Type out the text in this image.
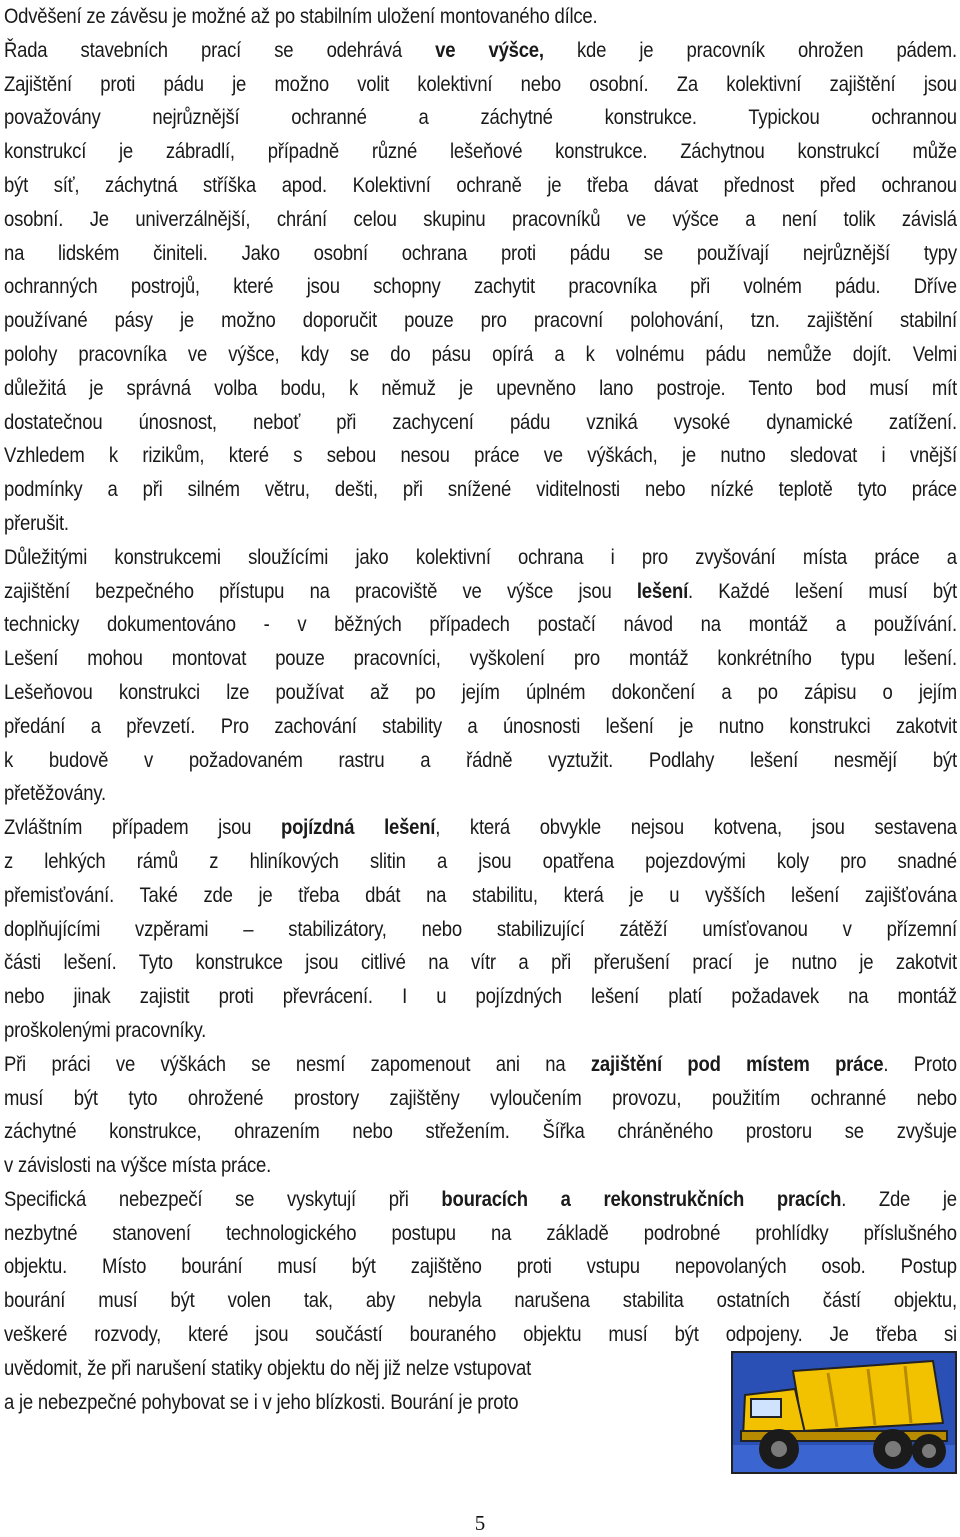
Odvěšení ze závěsu je možné až po stabilním uložení montovaného dílce.
Řada stavebních prací se odehrává ve výšce, kde je pracovník ohrožen pádem.
Zajištění proti pádu je možno volit kolektivní nebo osobní. Za kolektivní zajištění jsou
považovány nejrůznější ochranné a záchytné konstrukce. Typickou ochrannou
konstrukcí je zábradlí, případně různé lešeňové konstrukce. Záchytnou konstrukcí může
být síť, záchytná stříška apod. Kolektivní ochraně je třeba dávat přednost před ochranou
osobní. Je univerzálnější, chrání celou skupinu pracovníků ve výšce a není tolik závislá
na lidském činiteli. Jako osobní ochrana proti pádu se používají nejrůznější typy
ochranných postrojů, které jsou schopny zachytit pracovníka při volném pádu. Dříve
používané pásy je možno doporučit pouze pro pracovní polohování, tzn. zajištění stabilní
polohy pracovníka ve výšce, kdy se do pásu opírá a k volnému pádu nemůže dojít. Velmi
důležitá je správná volba bodu, k němuž je upevněno lano postroje. Tento bod musí mít
dostatečnou únosnost, neboť při zachycení pádu vzniká vysoké dynamické zatížení.
Vzhledem k rizikům, které s sebou nesou práce ve výškách, je nutno sledovat i vnější
podmínky a při silném větru, dešti, při snížené viditelnosti nebo nízké teplotě tyto práce
přerušit.
Důležitými konstrukcemi sloužícími jako kolektivní ochrana i pro zvyšování místa práce a
zajištění bezpečného přístupu na pracoviště ve výšce jsou lešení. Každé lešení musí být
technicky dokumentováno - v běžných případech postačí návod na montáž a používání.
Lešení mohou montovat pouze pracovníci, vyškolení pro montáž konkrétního typu lešení.
Lešeňovou konstrukci lze používat až po jejím úplném dokončení a po zápisu o jejím
předání a převzetí. Pro zachování stability a únosnosti lešení je nutno konstrukci zakotvit
k budově v požadovaném rastru a řádně vyztužit. Podlahy lešení nesmějí být
přetěžovány.
Zvláštním případem jsou pojízdná lešení, která obvykle nejsou kotvena, jsou sestavena
z lehkých rámů z hliníkových slitin a jsou opatřena pojezdovými koly pro snadné
přemisťování. Také zde je třeba dbát na stabilitu, která je u vyšších lešení zajišťována
doplňujícími vzpěrami – stabilizátory, nebo stabilizující zátěží umísťovanou v přízemní
části lešení. Tyto konstrukce jsou citlivé na vítr a při přerušení prací je nutno je zakotvit
nebo jinak zajistit proti převrácení. I u pojízdných lešení platí požadavek na montáž
proškolenými pracovníky.
Při práci ve výškách se nesmí zapomenout ani na zajištění pod místem práce. Proto
musí být tyto ohrožené prostory zajištěny vyloučením provozu, použitím ochranné nebo
záchytné konstrukce, ohrazením nebo střežením. Šířka chráněného prostoru se zvyšuje
v závislosti na výšce místa práce.
Specifická nebezpečí se vyskytují při bouracích a rekonstrukčních pracích. Zde je
nezbytné stanovení technologického postupu na základě podrobné prohlídky příslušného
objektu. Místo bourání musí být zajištěno proti vstupu nepovolaných osob. Postup
bourání musí být volen tak, aby nebyla narušena stabilita ostatních částí objektu,
veškeré rozvody, které jsou součástí bouraného objektu musí být odpojeny. Je třeba si
uvědomit, že při narušení statiky objektu do něj již nelze vstupovat
a je nebezpečné pohybovat se i v jeho blízkosti. Bourání je proto
5
